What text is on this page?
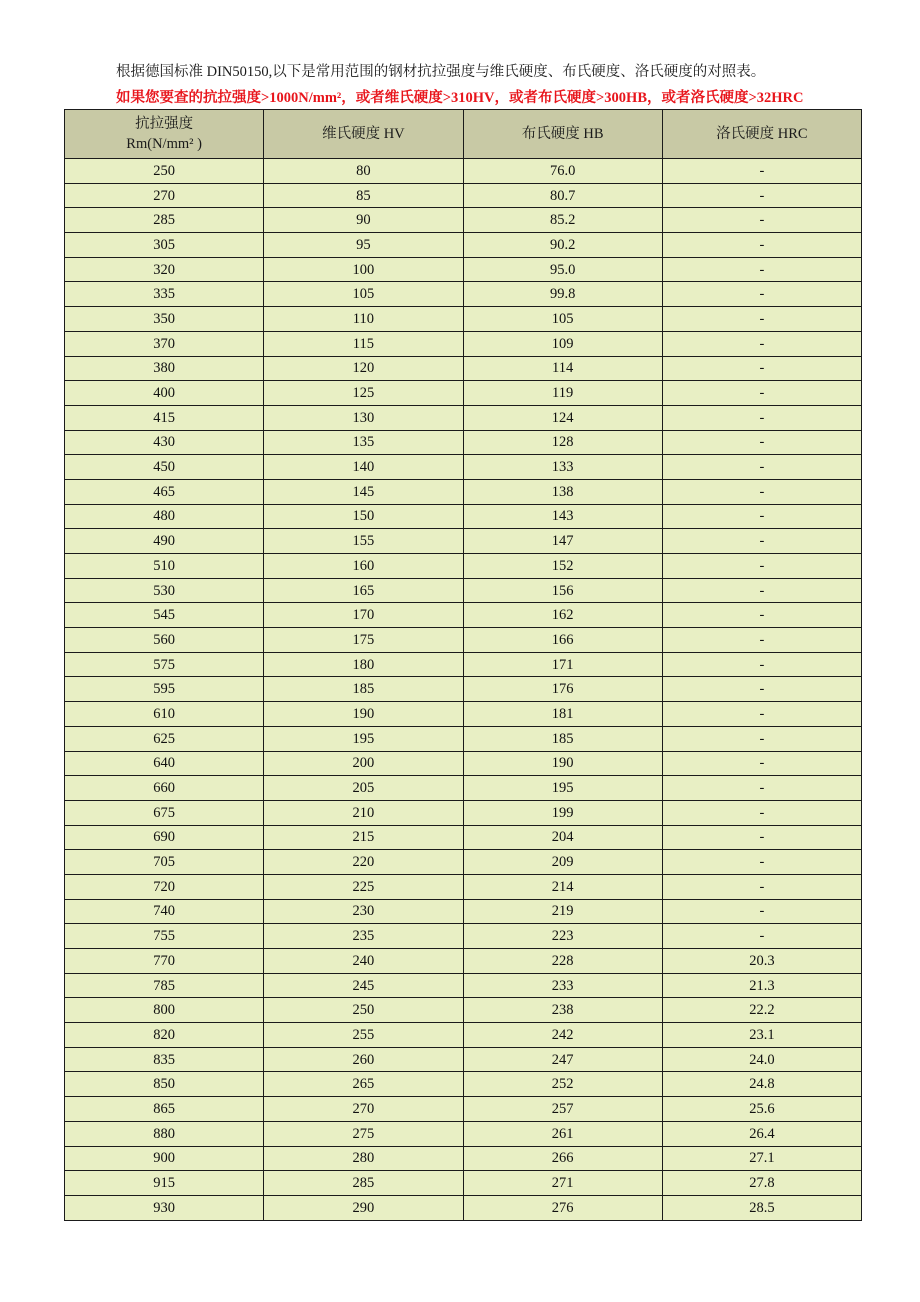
根据德国标准 DIN50150,以下是常用范围的钢材抗拉强度与维氏硬度、布氏硬度、洛氏硬度的对照表。
如果您要查的抗拉强度>1000N/mm²，或者维氏硬度>310HV，或者布氏硬度>300HB，或者洛氏硬度>32HRC
抗拉强度
Rm(N/mm² )	维氏硬度 HV	布氏硬度 HB	洛氏硬度 HRC
250	80	76.0	-
270	85	80.7	-
285	90	85.2	-
305	95	90.2	-
320	100	95.0	-
335	105	99.8	-
350	110	105	-
370	115	109	-
380	120	114	-
400	125	119	-
415	130	124	-
430	135	128	-
450	140	133	-
465	145	138	-
480	150	143	-
490	155	147	-
510	160	152	-
530	165	156	-
545	170	162	-
560	175	166	-
575	180	171	-
595	185	176	-
610	190	181	-
625	195	185	-
640	200	190	-
660	205	195	-
675	210	199	-
690	215	204	-
705	220	209	-
720	225	214	-
740	230	219	-
755	235	223	-
770	240	228	20.3
785	245	233	21.3
800	250	238	22.2
820	255	242	23.1
835	260	247	24.0
850	265	252	24.8
865	270	257	25.6
880	275	261	26.4
900	280	266	27.1
915	285	271	27.8
930	290	276	28.5
